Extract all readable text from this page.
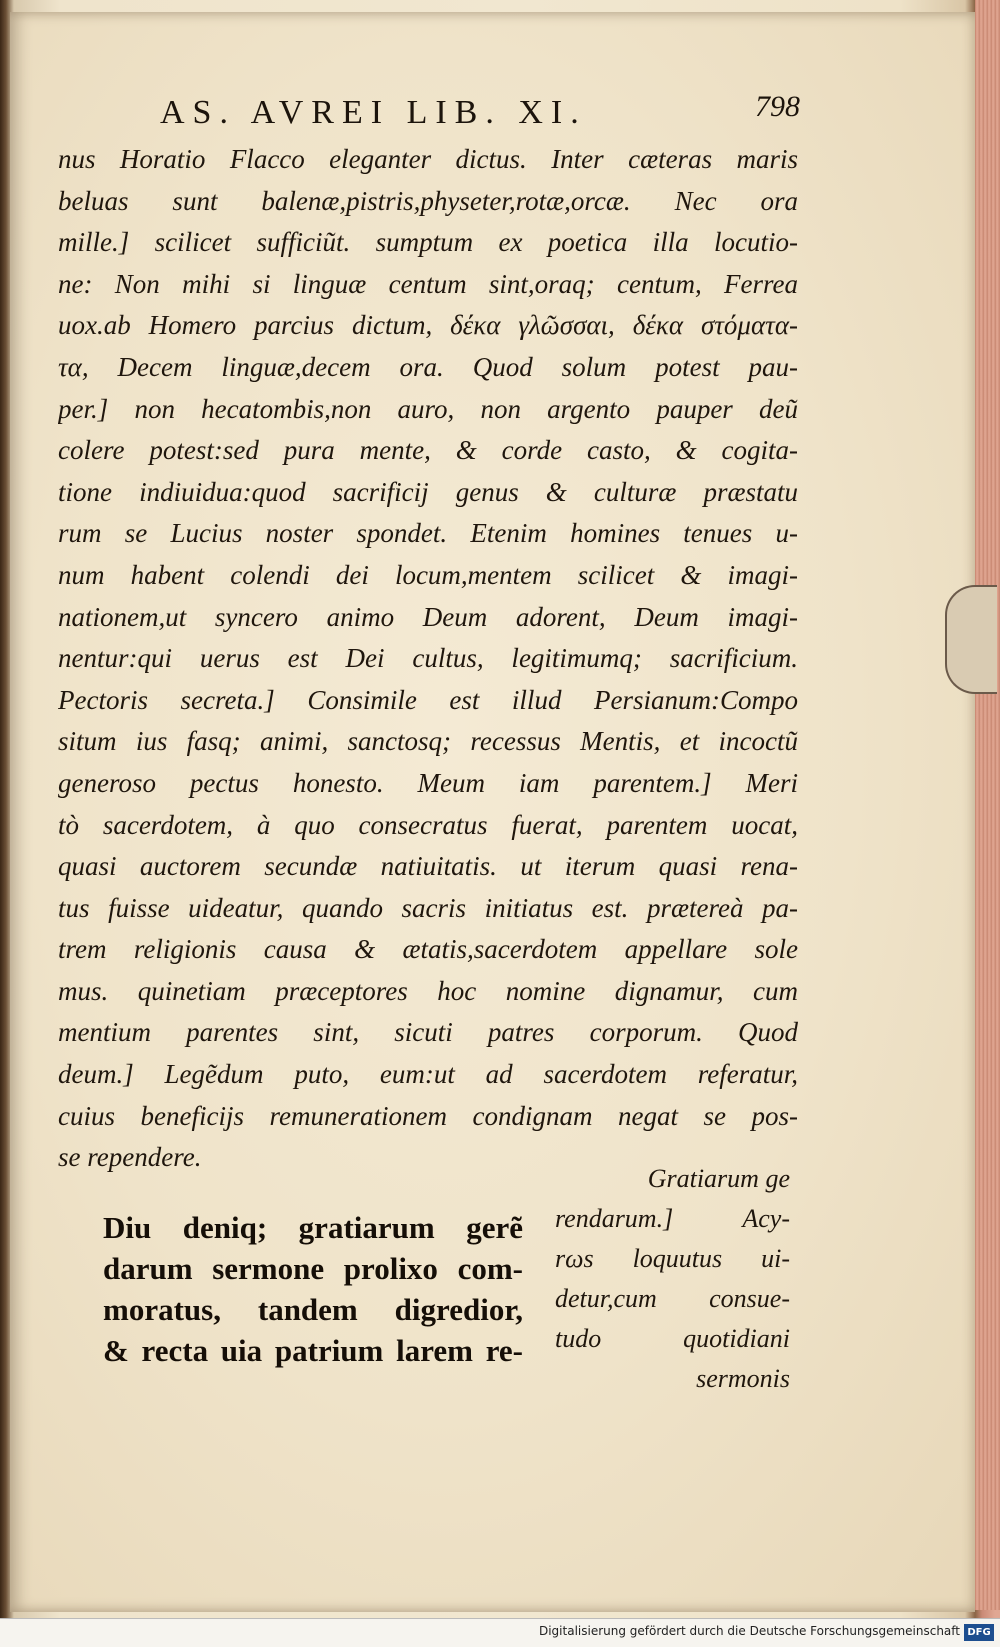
AS. AVREI LIB. XI.	798
nus Horatio Flacco eleganter dictus. Inter cæteras maris
beluas sunt balenæ,pistris,physeter,rotæ,orcæ. Nec ora
mille.] scilicet sufficiũt. sumptum ex poetica illa locutio-
ne: Non mihi si linguæ centum sint,oraq; centum, Ferrea
uox.ab Homero parcius dictum, δέκα γλῶσσαι, δέκα στόματα-
τα, Decem linguæ,decem ora. Quod solum potest pau-
per.] non hecatombis,non auro, non argento pauper deũ
colere potest:sed pura mente, & corde casto, & cogita-
tione indiuidua:quod sacrificij genus & culturæ præstatu
rum se Lucius noster spondet. Etenim homines tenues u-
num habent colendi dei locum,mentem scilicet & imagi-
nationem,ut syncero animo Deum adorent, Deum imagi-
nentur:qui uerus est Dei cultus, legitimumq; sacrificium.
Pectoris secreta.] Consimile est illud Persianum:Compo
situm ius fasq; animi, sanctosq; recessus Mentis, et incoctũ
generoso pectus honesto. Meum iam parentem.] Meri
tò sacerdotem, à quo consecratus fuerat, parentem uocat,
quasi auctorem secundæ natiuitatis. ut iterum quasi rena-
tus fuisse uideatur, quando sacris initiatus est. prætereà pa-
trem religionis causa & ætatis,sacerdotem appellare sole
mus. quinetiam præceptores hoc nomine dignamur, cum
mentium parentes sint, sicuti patres corporum. Quod
deum.] Legẽdum puto, eum:ut ad sacerdotem referatur,
cuius beneficijs remunerationem condignam negat se pos-
se rependere.
Diu deniq; gratiarum gerẽ
darum sermone prolixo com-
moratus, tandem digredior,
& recta uia patrium larem re-
Gratiarum ge
rendarum.] Acy-
rωs loquutus ui-
detur,cum consue-
tudo quotidiani
sermonis
Digitalisierung gefördert durch die Deutsche Forschungsgemeinschaft DFG
